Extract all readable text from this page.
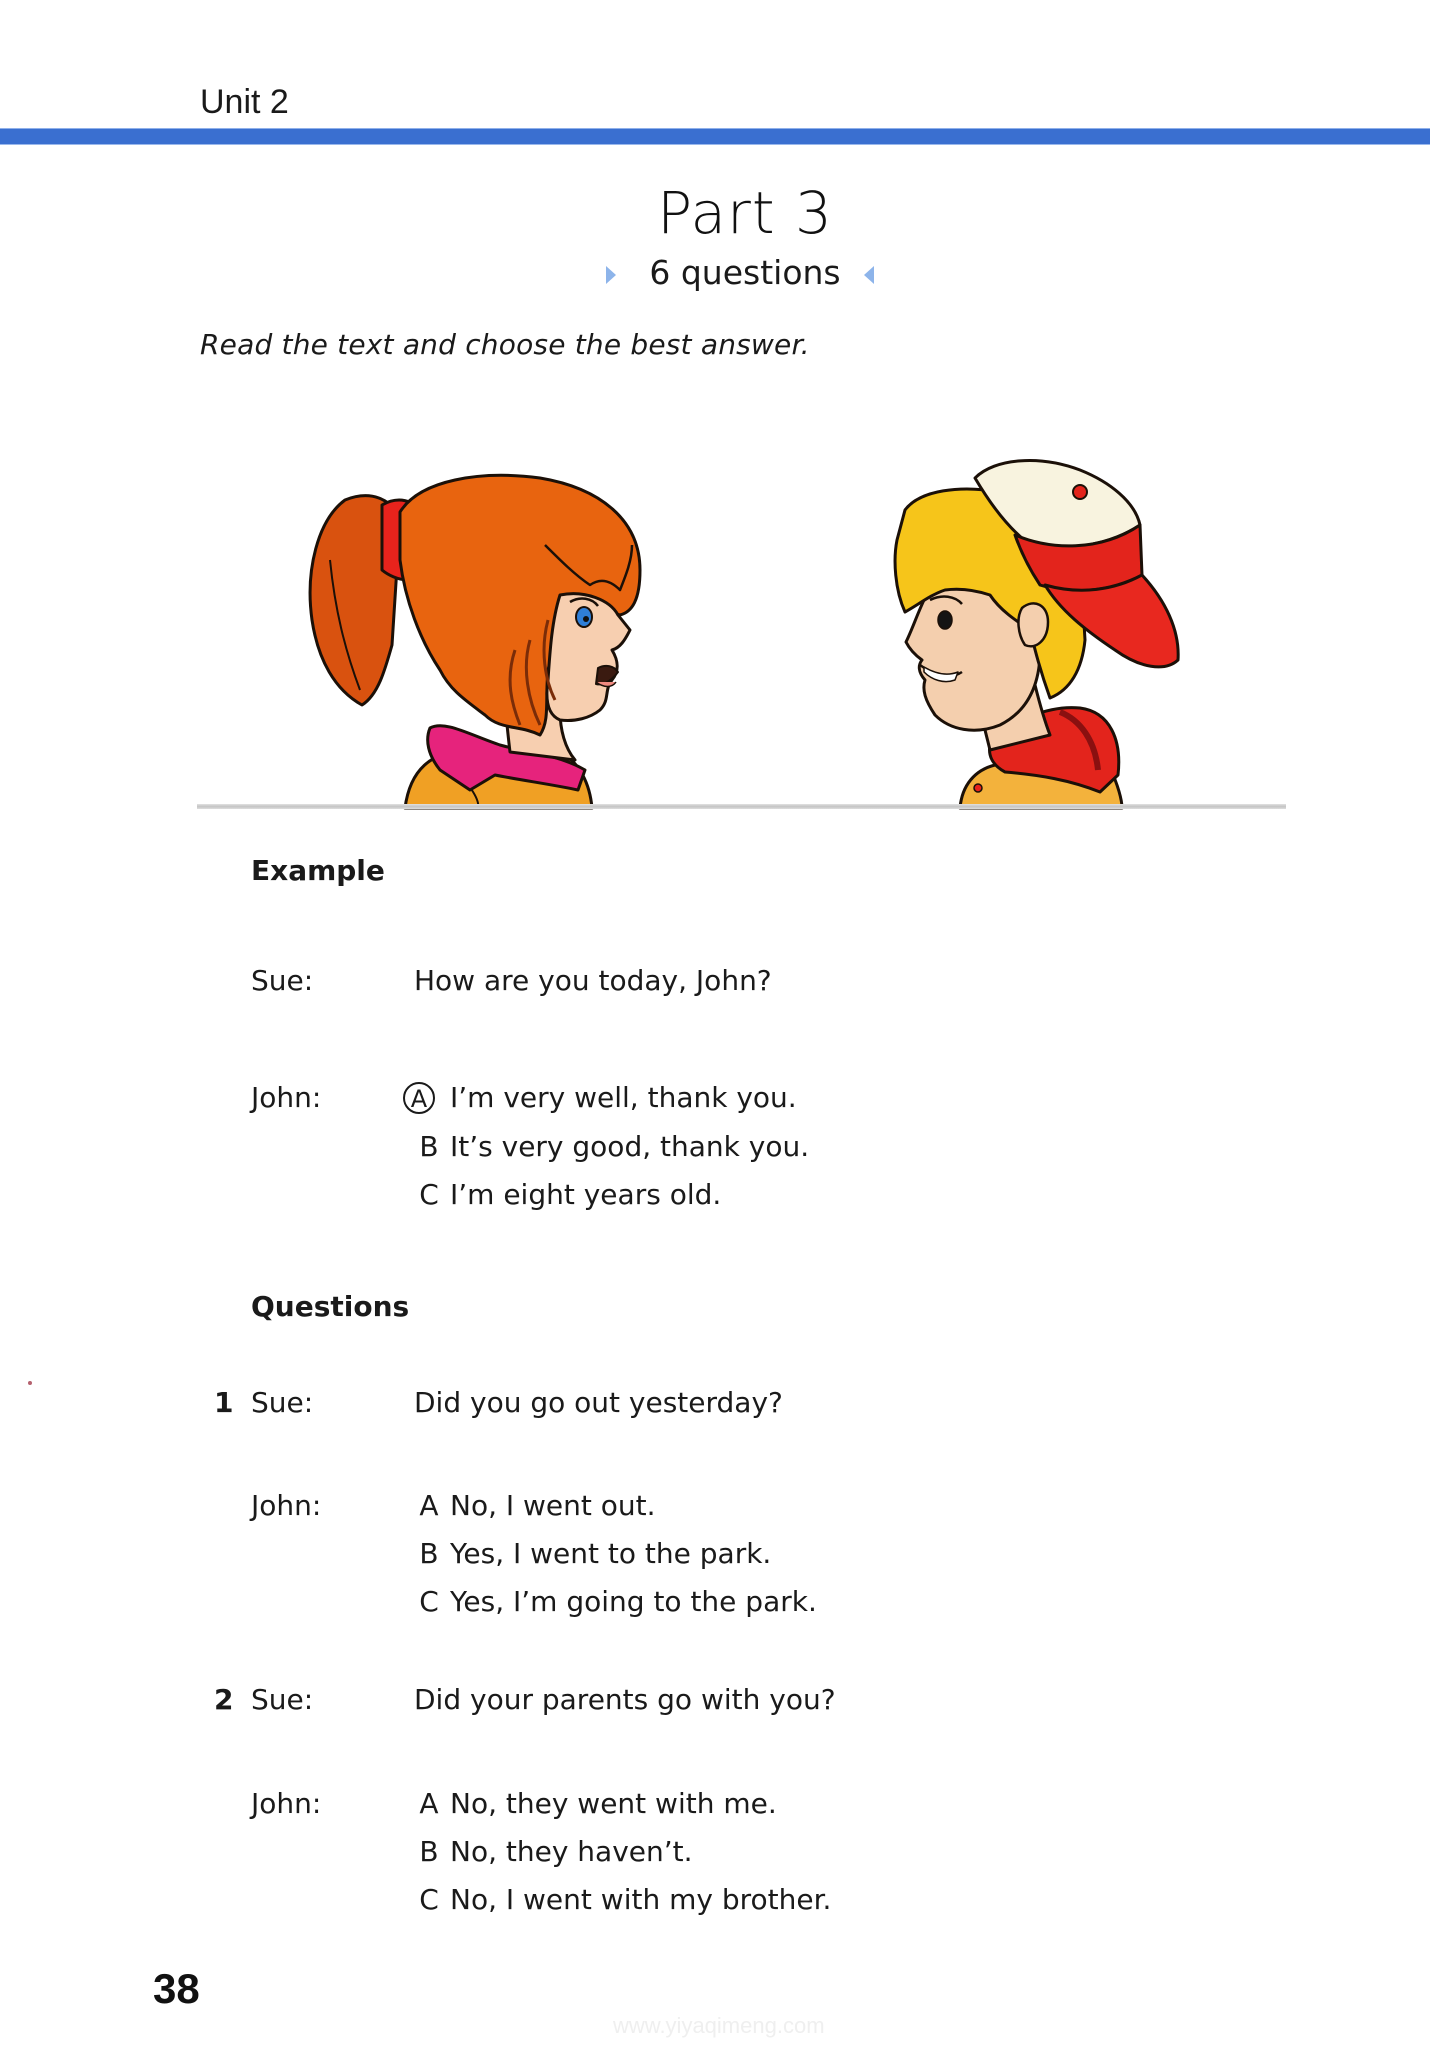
Unit 2
Part 3
6 questions
Read the text and choose the best answer.
Example
Sue:	How are you today, John?
John:	A I’m very well, thank you.
B It’s very good, thank you.
C I’m eight years old.
Questions
1 Sue:	Did you go out yesterday?
John:	A No, I went out.
B Yes, I went to the park.
C Yes, I’m going to the park.
2 Sue:	Did your parents go with you?
John:	A No, they went with me.
B No, they haven’t.
C No, I went with my brother.
38
www.yiyaqimeng.com
